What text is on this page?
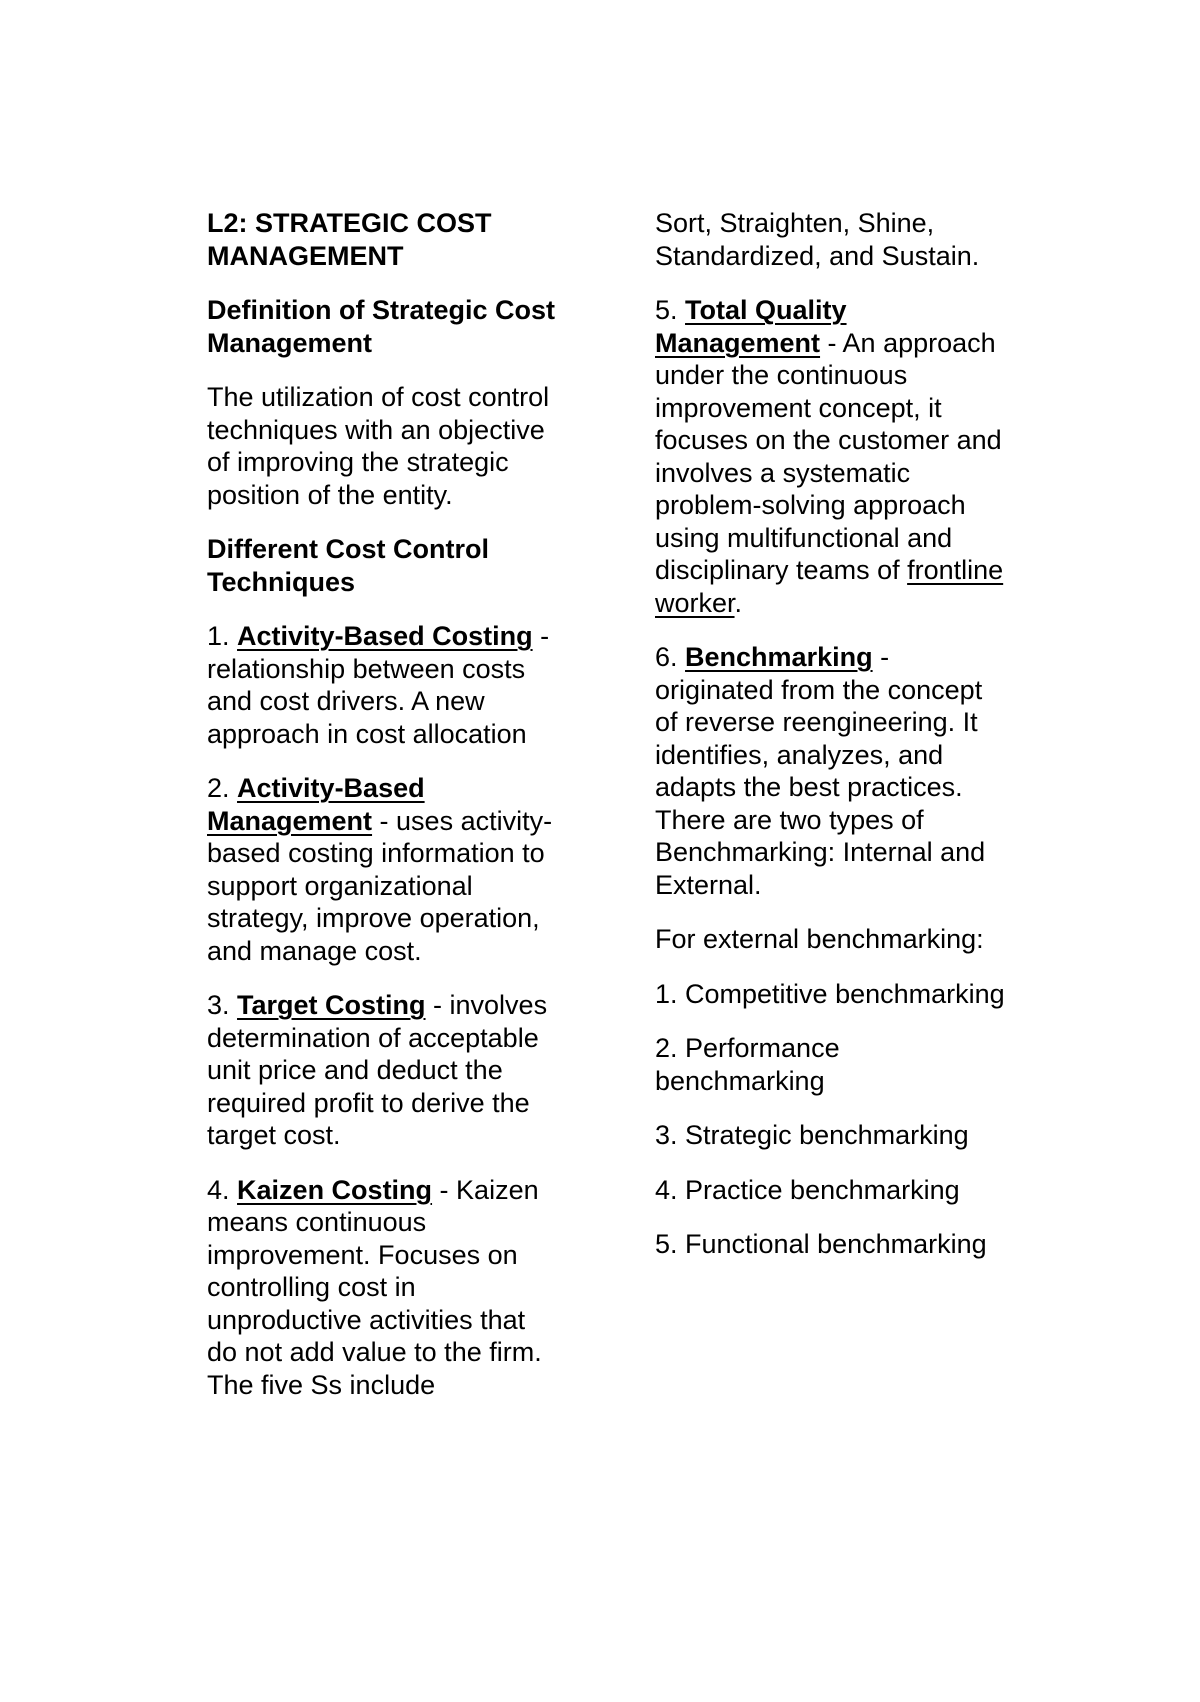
L2: STRATEGIC COST MANAGEMENT

Definition of Strategic Cost Management

The utilization of cost control techniques with an objective of improving the strategic position of the entity.

Different Cost Control Techniques

1. Activity-Based Costing - relationship between costs and cost drivers. A new approach in cost allocation

2. Activity-Based Management - uses activity-based costing information to support organizational strategy, improve operation, and manage cost.

3. Target Costing - involves determination of acceptable unit price and deduct the required profit to derive the target cost.

4. Kaizen Costing - Kaizen means continuous improvement. Focuses on controlling cost in unproductive activities that do not add value to the firm. The five Ss include

Sort, Straighten, Shine, Standardized, and Sustain.

5. Total Quality Management - An approach under the continuous improvement concept, it focuses on the customer and involves a systematic problem-solving approach using multifunctional and disciplinary teams of frontline worker.

6. Benchmarking - originated from the concept of reverse reengineering. It identifies, analyzes, and adapts the best practices. There are two types of Benchmarking: Internal and External.

For external benchmarking:

1. Competitive benchmarking

2. Performance benchmarking

3. Strategic benchmarking

4. Practice benchmarking

5. Functional benchmarking
